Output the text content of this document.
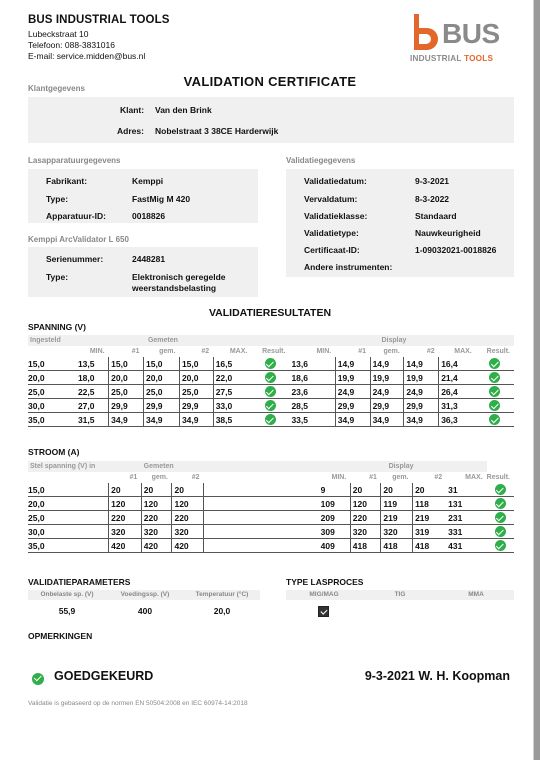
BUS INDUSTRIAL TOOLS
Lubeckstraat 10
Telefoon: 088-3831016
E-mail: service.midden@bus.nl
BUS
INDUSTRIAL TOOLS
VALIDATION CERTIFICATE
Klantgegevens
Klant: Van den Brink
Adres: Nobelstraat 3 38CE Harderwijk
Lasapparatuurgegevens
Fabrikant:	Kemppi
Type:	FastMig M 420
Apparatuur-ID:	0018826
Kemppi ArcValidator L 650
Serienummer:	2448281
Type:	Elektronisch geregelde weerstandsbelasting
Validatiegegevens
Validatiedatum:	9-3-2021
Vervaldatum:	8-3-2022
Validatieklasse:	Standaard
Validatietype:	Nauwkeurigheid
Certificaat-ID:	1-09032021-0018826
Andere instrumenten:
VALIDATIERESULTATEN
SPANNING (V)
Ingesteld	Gemeten						Display					
	MIN.	#1	gem.	#2	MAX.	Result.	MIN.	#1	gem.	#2	MAX.	Result.
15,0	13,5	15,0	15,0	15,0	16,5		13,6	14,9	14,9	14,9	16,4	
20,0	18,0	20,0	20,0	20,0	22,0		18,6	19,9	19,9	19,9	21,4	
25,0	22,5	25,0	25,0	25,0	27,5		23,6	24,9	24,9	24,9	26,4	
30,0	27,0	29,9	29,9	29,9	33,0		28,5	29,9	29,9	29,9	31,3	
35,0	31,5	34,9	34,9	34,9	38,5		33,5	34,9	34,9	34,9	36,3	
STROOM (A)
Stel spanning (V) in	Gemeten				Display					
	#1	gem.	#2		MIN.	#1	gem.	#2	MAX.	Result.
15,0	20	20	20		9	20	20	20	31	
20,0	120	120	120		109	120	119	118	131	
25,0	220	220	220		209	220	219	219	231	
30,0	320	320	320		309	320	320	319	331	
35,0	420	420	420		409	418	418	418	431	
VALIDATIEPARAMETERS
Onbelaste sp. (V)	Voedingssp. (V)	Temperatuur (°C)
55,9	400	20,0
TYPE LASPROCES
MIG/MAG	TIG	MMA
OPMERKINGEN
GOEDGEKEURD	9-3-2021 W. H. Koopman
Validatie is gebaseerd op de normen EN 50504:2008 en IEC 60974-14:2018
